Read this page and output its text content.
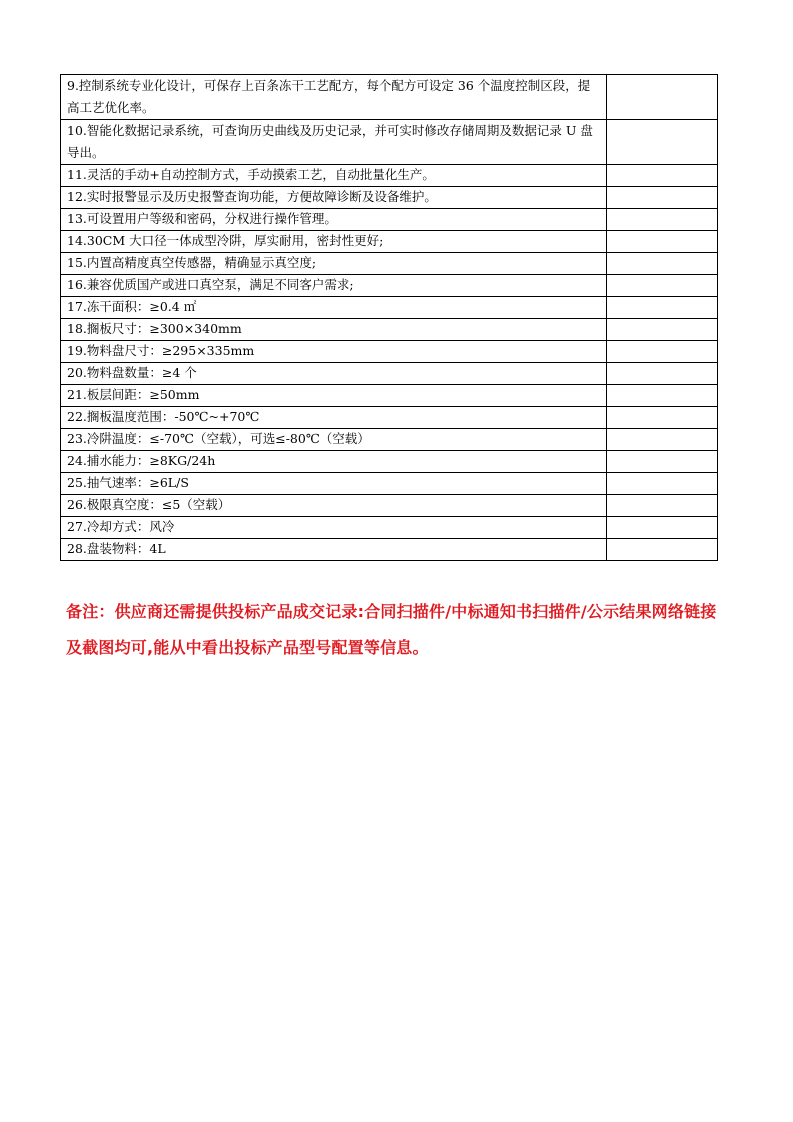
9.控制系统专业化设计，可保存上百条冻干工艺配方，每个配方可设定 36 个温度控制区段，提高工艺优化率。	
10.智能化数据记录系统，可查询历史曲线及历史记录，并可实时修改存储周期及数据记录 U 盘导出。	
11.灵活的手动+自动控制方式，手动摸索工艺，自动批量化生产。	
12.实时报警显示及历史报警查询功能，方便故障诊断及设备维护。	
13.可设置用户等级和密码，分权进行操作管理。	
14.30CM 大口径一体成型冷阱，厚实耐用，密封性更好;	
15.内置高精度真空传感器，精确显示真空度;	
16.兼容优质国产或进口真空泵，满足不同客户需求;	
17.冻干面积：≥0.4 ㎡	
18.搁板尺寸：≥300×340mm	
19.物料盘尺寸：≥295×335mm	
20.物料盘数量：≥4 个	
21.板层间距：≥50mm	
22.搁板温度范围：-50℃~+70℃	
23.冷阱温度：≤-70℃（空载），可选≤-80℃（空载）	
24.捕水能力：≥8KG/24h	
25.抽气速率：≥6L/S	
26.极限真空度：≤5（空载）	
27.冷却方式：风冷	
28.盘装物料：4L	
备注：供应商还需提供投标产品成交记录:合同扫描件/中标通知书扫描件/公示结果网络链接及截图均可,能从中看出投标产品型号配置等信息。
